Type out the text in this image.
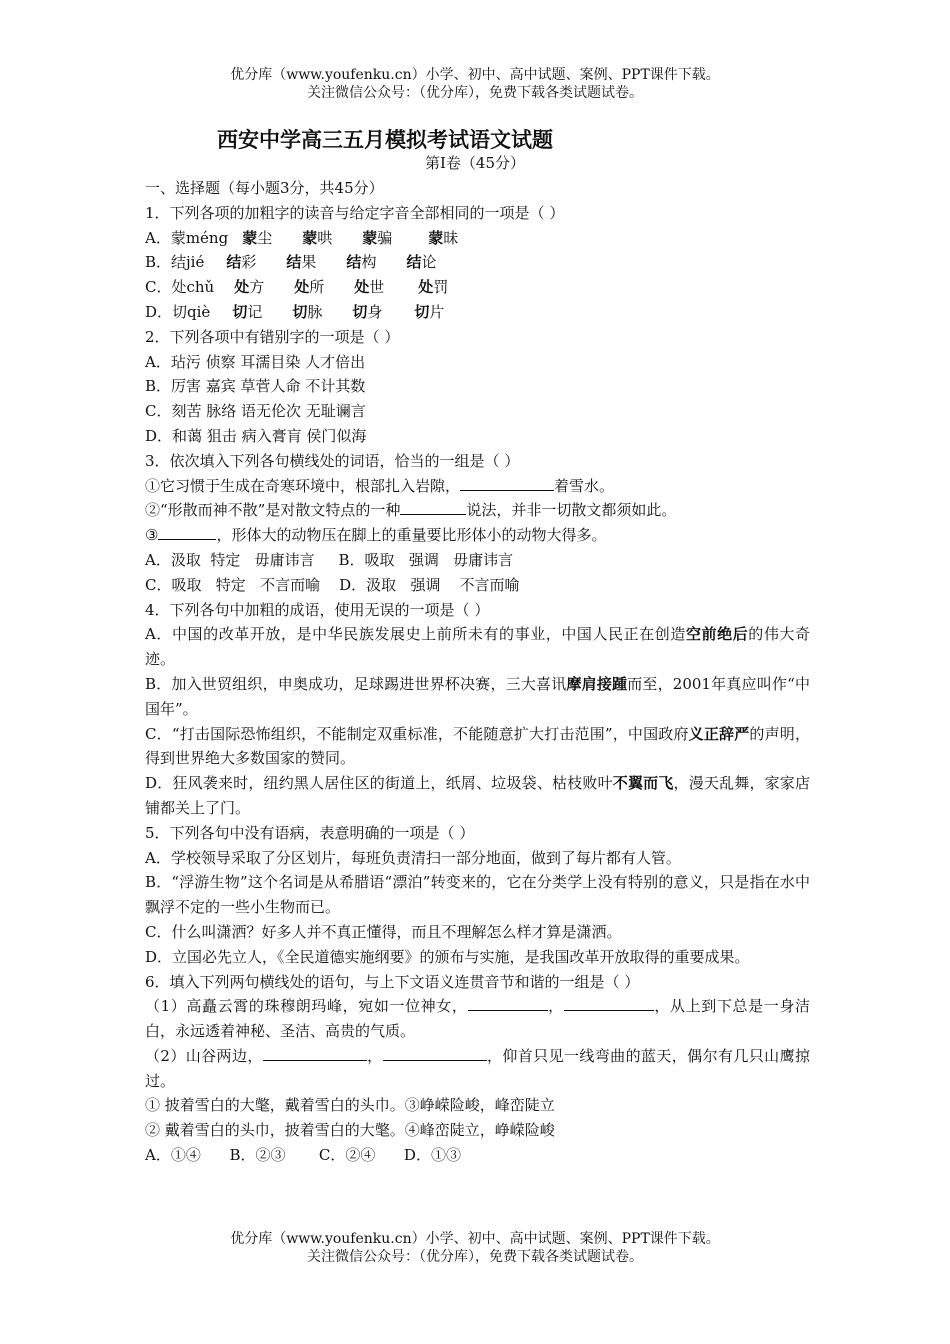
优分库（www.youfenku.cn）小学、初中、高中试题、案例、PPT课件下载。
关注微信公众号：（优分库），免费下载各类试题试卷。
西安中学高三五月模拟考试语文试题
第Ⅰ卷（45分）
一、选择题（每小题3分，共45分）
1．下列各项的加粗字的读音与给定字音全部相同的一项是（ ）
A．蒙méng 蒙尘 蒙哄 蒙骗 蒙昧
B．结jié 结彩 结果 结构 结论
C．处chǔ 处方 处所 处世 处罚
D．切qiè 切记 切脉 切身 切片
2．下列各项中有错别字的一项是（ ）
A．玷污 侦察 耳濡目染 人才倍出
B．厉害 嘉宾 草菅人命 不计其数
C．刻苦 脉络 语无伦次 无耻谰言
D．和蔼 狙击 病入膏肓 侯门似海
3．依次填入下列各句横线处的词语，恰当的一组是（ ）
①它习惯于生成在奇寒环境中，根部扎入岩隙，	着雪水。
②“形散而神不散”是对散文特点的一种	说法，并非一切散文都须如此。
③	，形体大的动物压在脚上的重量要比形体小的动物大得多。
A．汲取  特定   毋庸讳言     B．吸取   强调   毋庸讳言
C．吸取   特定   不言而喻    D．汲取   强调    不言而喻
4．下列各句中加粗的成语，使用无误的一项是（ ）
A．中国的改革开放，是中华民族发展史上前所未有的事业，中国人民正在创造空前绝后的伟大奇迹。
B．加入世贸组织，申奥成功，足球踢进世界杯决赛，三大喜讯摩肩接踵而至，2001年真应叫作“中国年”。
C．“打击国际恐怖组织，不能制定双重标准，不能随意扩大打击范围”，中国政府义正辞严的声明，得到世界绝大多数国家的赞同。
D．狂风袭来时，纽约黑人居住区的街道上，纸屑、垃圾袋、枯枝败叶不翼而飞，漫天乱舞，家家店铺都关上了门。
5．下列各句中没有语病，表意明确的一项是（ ）
A．学校领导采取了分区划片，每班负责清扫一部分地面，做到了每片都有人管。
B．“浮游生物”这个名词是从希腊语“漂泊”转变来的，它在分类学上没有特别的意义，只是指在水中飘浮不定的一些小生物而已。
C．什么叫潇洒？好多人并不真正懂得，而且不理解怎么样才算是潇洒。
D．立国必先立人，《全民道德实施纲要》的颁布与实施，是我国改革开放取得的重要成果。
6．填入下列两句横线处的语句，与上下文语义连贯音节和谐的一组是（ ）
（1）高矗云霄的珠穆朗玛峰，宛如一位神女，	，	，从上到下总是一身洁白，永远透着神秘、圣洁、高贵的气质。
（2）山谷两边，	，	，仰首只见一线弯曲的蓝天，偶尔有几只山鹰掠过。
① 披着雪白的大氅，戴着雪白的头巾。③峥嵘险峻，峰峦陡立
② 戴着雪白的头巾，披着雪白的大氅。④峰峦陡立，峥嵘险峻
A．①④      B．②③       C．②④      D．①③
优分库（www.youfenku.cn）小学、初中、高中试题、案例、PPT课件下载。
关注微信公众号：（优分库），免费下载各类试题试卷。
